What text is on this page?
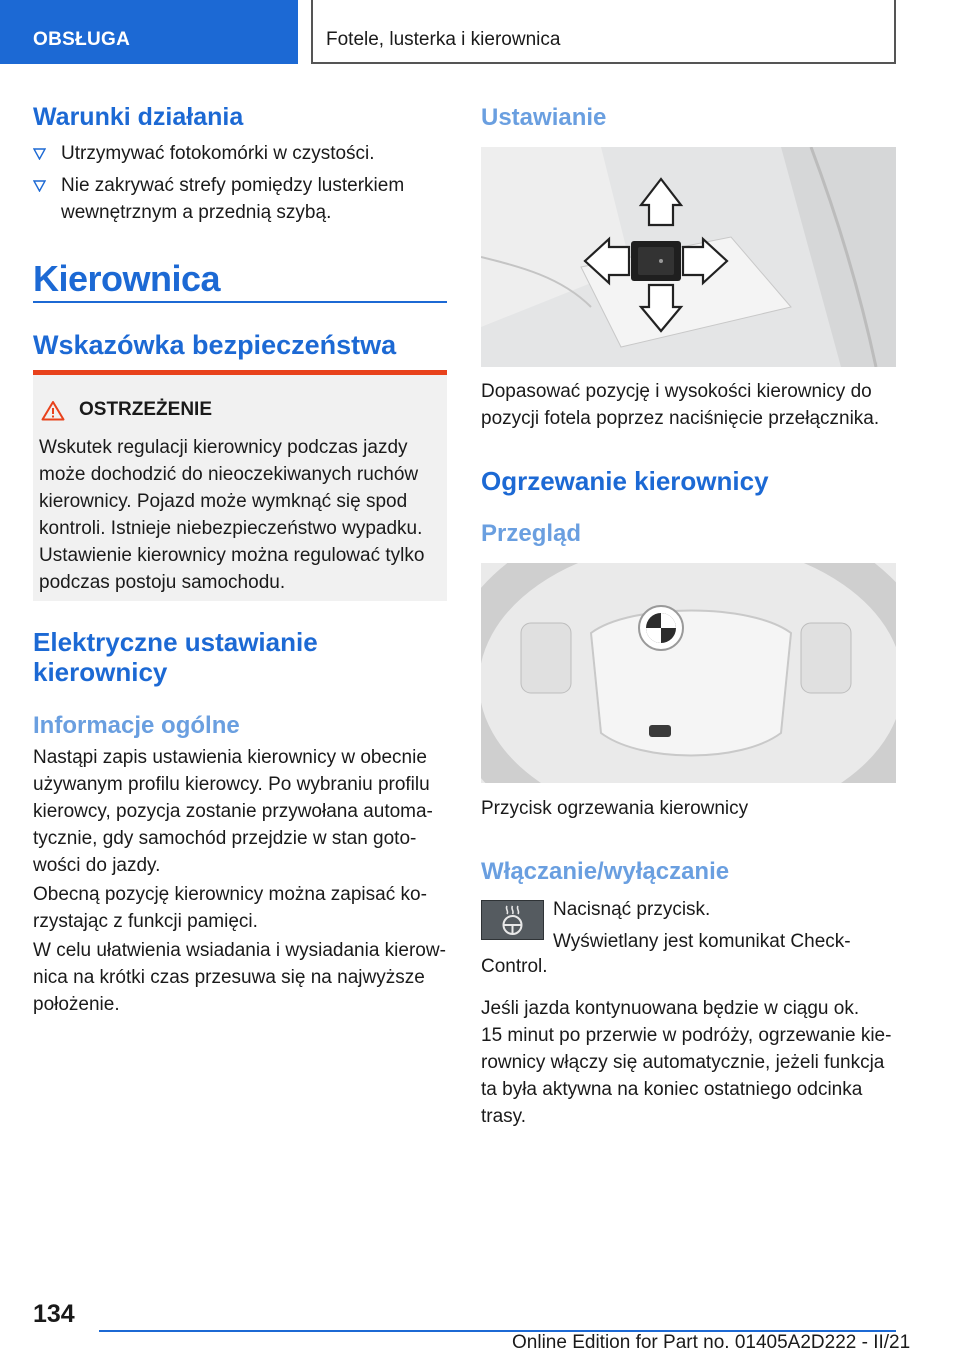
OBSŁUGA	Fotele, lusterka i kierownica
Warunki działania
Utrzymywać fotokomórki w czystości.
Nie zakrywać strefy pomiędzy lusterkiem
wewnętrznym a przednią szybą.
Kierownica
Wskazówka bezpieczeństwa
OSTRZEŻENIE

Wskutek regulacji kierownicy podczas jazdy

może dochodzić do nieoczekiwanych ruchów

kierownicy. Pojazd może wymknąć się spod

kontroli. Istnieje niebezpieczeństwo wypadku.

Ustawienie kierownicy można regulować tylko

podczas postoju samochodu.

Elektryczne ustawianie
kierownicy
Informacje ogólne

Nastąpi zapis ustawienia kierownicy w obecnie

używanym profilu kierowcy. Po wybraniu profilu

kierowcy, pozycja zostanie przywołana automa-

tycznie, gdy samochód przejdzie w stan goto-

wości do jazdy.

Obecną pozycję kierownicy można zapisać ko-

rzystając z funkcji pamięci.

W celu ułatwienia wsiadania i wysiadania kierow-

nica na krótki czas przesuwa się na najwyższe

położenie.

Ustawianie

Dopasować pozycję i wysokości kierownicy do

pozycji fotela poprzez naciśnięcie przełącznika.

Ogrzewanie kierownicy
Przegląd

Przycisk ogrzewania kierownicy

Włączanie/wyłączanie

Nacisnąć przycisk.

Wyświetlany jest komunikat Check-

Control.

Jeśli jazda kontynuowana będzie w ciągu ok.

15 minut po przerwie w podróży, ogrzewanie kie-

rownicy włączy się automatycznie, jeżeli funkcja

ta była aktywna na koniec ostatniego odcinka

trasy.

134
Online Edition for Part no. 01405A2D222 - II/21
